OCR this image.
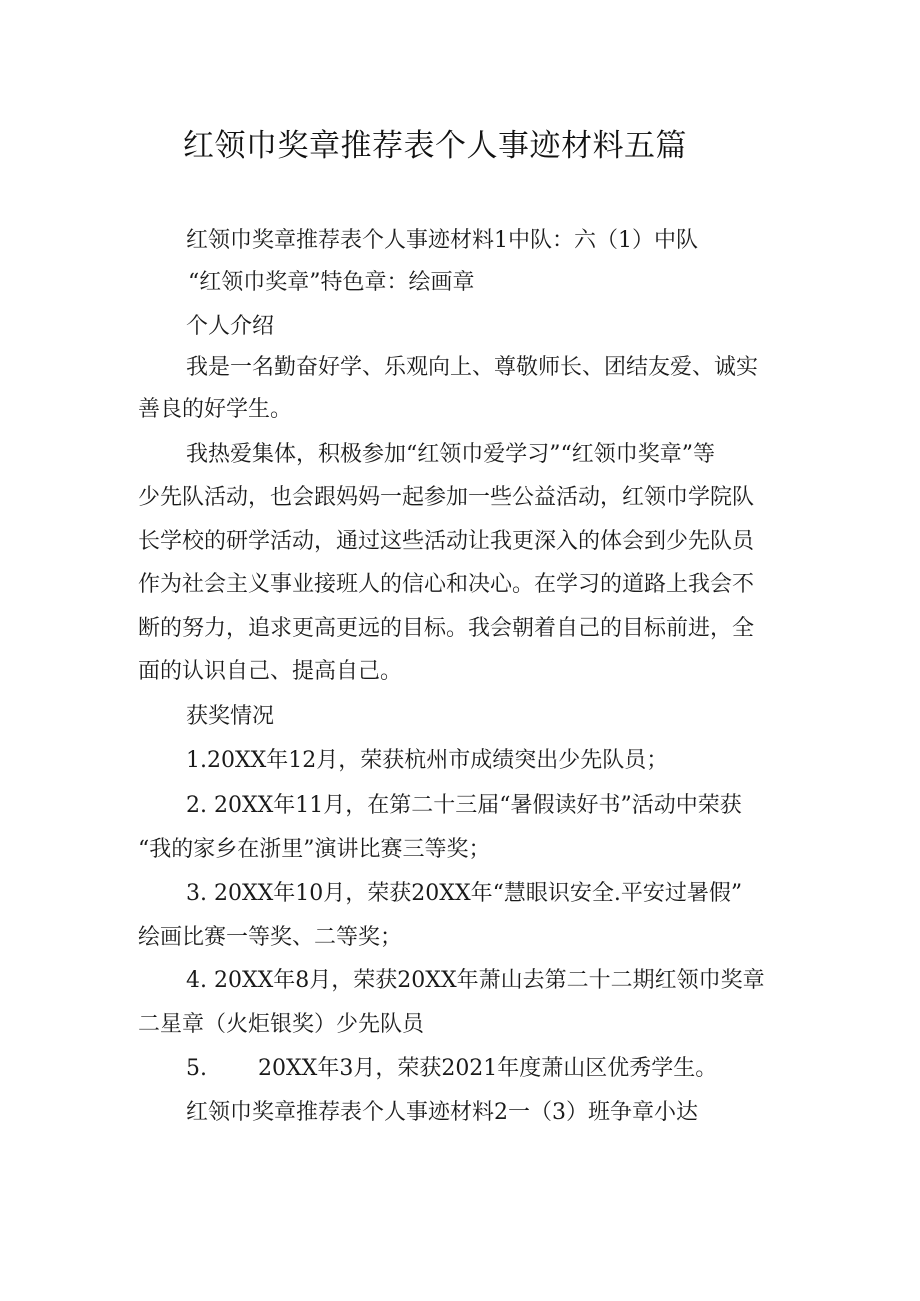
红领巾奖章推荐表个人事迹材料五篇

红领巾奖章推荐表个人事迹材料1中队：六（1）中队

“红领巾奖章”特色章：绘画章

个人介绍

我是一名勤奋好学、乐观向上、尊敬师长、团结友爱、诚实

善良的好学生。

我热爱集体，积极参加“红领巾爱学习”“红领巾奖章”等

少先队活动，也会跟妈妈一起参加一些公益活动，红领巾学院队

长学校的研学活动，通过这些活动让我更深入的体会到少先队员

作为社会主义事业接班人的信心和决心。在学习的道路上我会不

断的努力，追求更高更远的目标。我会朝着自己的目标前进，全

面的认识自己、提高自己。

获奖情况

1.20XX年12月，荣获杭州市成绩突出少先队员；

2. 20XX年11月，在第二十三届“暑假读好书”活动中荣获

“我的家乡在浙里”演讲比赛三等奖；

3. 20XX年10月，荣获20XX年“慧眼识安全.平安过暑假”

绘画比赛一等奖、二等奖；

4. 20XX年8月，荣获20XX年萧山去第二十二期红领巾奖章

二星章（火炬银奖）少先队员

5. 20XX年3月，荣获2021年度萧山区优秀学生。

红领巾奖章推荐表个人事迹材料2一（3）班争章小达
